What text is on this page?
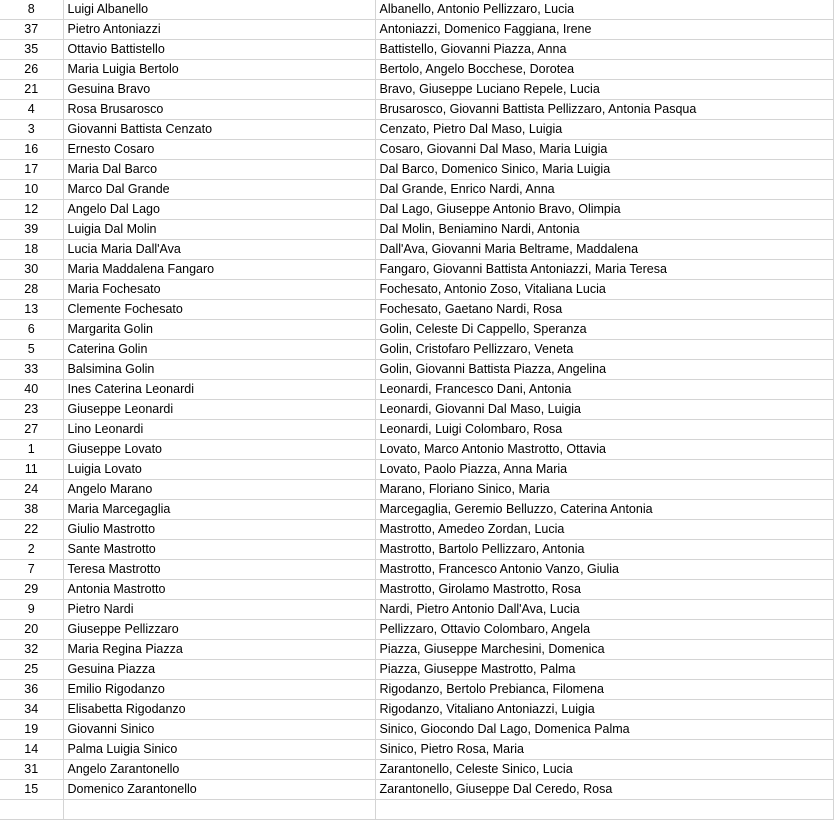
8	Luigi Albanello	Albanello, Antonio Pellizzaro, Lucia
37	Pietro Antoniazzi	Antoniazzi, Domenico Faggiana, Irene
35	Ottavio Battistello	Battistello, Giovanni Piazza, Anna
26	Maria Luigia Bertolo	Bertolo, Angelo Bocchese, Dorotea
21	Gesuina Bravo	Bravo, Giuseppe Luciano Repele, Lucia
4	Rosa Brusarosco	Brusarosco, Giovanni Battista Pellizzaro, Antonia Pasqua
3	Giovanni Battista Cenzato	Cenzato, Pietro Dal Maso, Luigia
16	Ernesto Cosaro	Cosaro, Giovanni Dal Maso, Maria Luigia
17	Maria Dal Barco	Dal Barco, Domenico Sinico, Maria Luigia
10	Marco Dal Grande	Dal Grande, Enrico Nardi, Anna
12	Angelo Dal Lago	Dal Lago, Giuseppe Antonio Bravo, Olimpia
39	Luigia Dal Molin	Dal Molin, Beniamino Nardi, Antonia
18	Lucia Maria Dall'Ava	Dall'Ava, Giovanni Maria Beltrame, Maddalena
30	Maria Maddalena Fangaro	Fangaro, Giovanni Battista Antoniazzi, Maria Teresa
28	Maria Fochesato	Fochesato, Antonio Zoso, Vitaliana Lucia
13	Clemente Fochesato	Fochesato, Gaetano Nardi, Rosa
6	Margarita Golin	Golin, Celeste Di Cappello, Speranza
5	Caterina Golin	Golin, Cristofaro Pellizzaro, Veneta
33	Balsimina Golin	Golin, Giovanni Battista Piazza, Angelina
40	Ines Caterina Leonardi	Leonardi, Francesco Dani, Antonia
23	Giuseppe Leonardi	Leonardi, Giovanni Dal Maso, Luigia
27	Lino Leonardi	Leonardi, Luigi Colombaro, Rosa
1	Giuseppe Lovato	Lovato, Marco Antonio Mastrotto, Ottavia
11	Luigia Lovato	Lovato, Paolo Piazza, Anna Maria
24	Angelo Marano	Marano, Floriano Sinico, Maria
38	Maria Marcegaglia	Marcegaglia, Geremio Belluzzo, Caterina Antonia
22	Giulio Mastrotto	Mastrotto, Amedeo Zordan, Lucia
2	Sante Mastrotto	Mastrotto, Bartolo Pellizzaro, Antonia
7	Teresa Mastrotto	Mastrotto, Francesco Antonio Vanzo, Giulia
29	Antonia Mastrotto	Mastrotto, Girolamo Mastrotto, Rosa
9	Pietro Nardi	Nardi, Pietro Antonio Dall'Ava, Lucia
20	Giuseppe Pellizzaro	Pellizzaro, Ottavio Colombaro, Angela
32	Maria Regina Piazza	Piazza, Giuseppe Marchesini, Domenica
25	Gesuina Piazza	Piazza, Giuseppe Mastrotto, Palma
36	Emilio Rigodanzo	Rigodanzo, Bertolo Prebianca, Filomena
34	Elisabetta Rigodanzo	Rigodanzo, Vitaliano Antoniazzi, Luigia
19	Giovanni Sinico	Sinico, Giocondo Dal Lago, Domenica Palma
14	Palma Luigia Sinico	Sinico, Pietro Rosa, Maria
31	Angelo Zarantonello	Zarantonello, Celeste Sinico, Lucia
15	Domenico Zarantonello	Zarantonello, Giuseppe Dal Ceredo, Rosa
